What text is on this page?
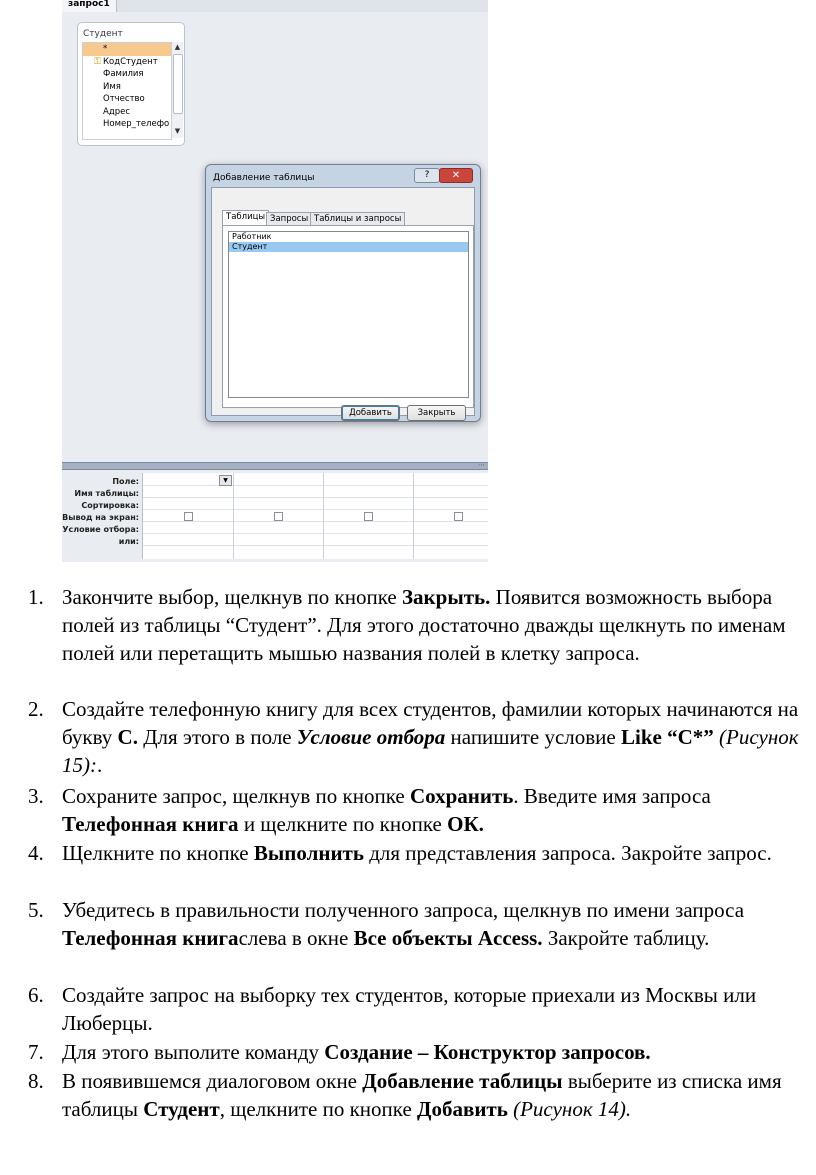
запрос1
Студент
*
⚿ КодСтудент
Фамилия
Имя
Отчество
Адрес
Номер_телефо
▲
▼
Добавление таблицы	?	✕
Таблицы Запросы Таблицы и запросы
Работник
Студент
Добавить	Закрыть
⋯
Поле:
Имя таблицы:
Сортировка:
Вывод на экран:
Условие отбора:
или:
▼
1. Закончите выбор, щелкнув по кнопке Закрыть. Появится возможность выбора полей из таблицы “Студент”. Для этого достаточно дважды щелкнуть по именам полей или перетащить мышью названия полей в клетку запроса.
2. Создайте телефонную книгу для всех студентов, фамилии которых начинаются на букву С. Для этого в поле Условие отбора напишите условие Like “С*” (Рисунок 15):.
3. Сохраните запрос, щелкнув по кнопке Сохранить. Введите имя запроса Телефонная книга и щелкните по кнопке ОК.
4. Щелкните по кнопке Выполнить для представления запроса. Закройте запрос.
5. Убедитесь в правильности полученного запроса, щелкнув по имени запроса Телефонная книгаслева в окне Все объекты Access. Закройте таблицу.
6. Создайте запрос на выборку тех студентов, которые приехали из Москвы или Люберцы.
7. Для этого выполите команду Создание – Конструктор запросов.
8. В появившемся диалоговом окне Добавление таблицы выберите из списка имя таблицы Студент, щелкните по кнопке Добавить (Рисунок 14).
